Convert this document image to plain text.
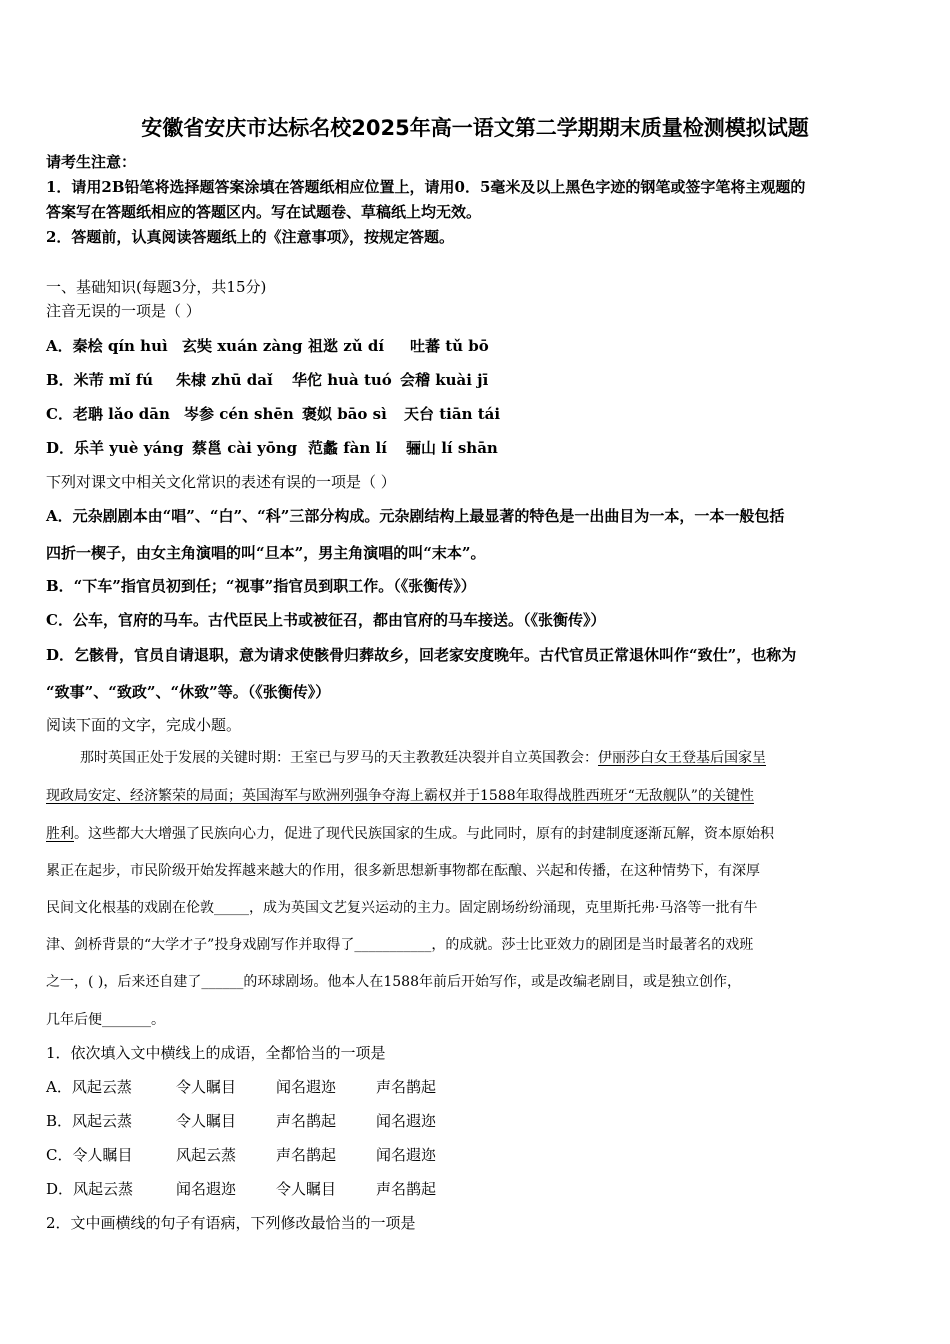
安徽省安庆市达标名校2025年高一语文第二学期期末质量检测模拟试题
请考生注意：
1．请用2B铅笔将选择题答案涂填在答题纸相应位置上，请用0．5毫米及以上黑色字迹的钢笔或签字笔将主观题的
答案写在答题纸相应的答题区内。写在试题卷、草稿纸上均无效。
2．答题前，认真阅读答题纸上的《注意事项》，按规定答题。
一、基础知识(每题3分，共15分)
注音无误的一项是（ ）
A．秦桧 qín huì 玄奘 xuán zàng 祖逖 zǔ dí 吐蕃 tǔ bō
B．米芾 mǐ fú 朱棣 zhū daǐ 华佗 huà tuó 会稽 kuài jī
C．老聃 lǎo dān 岑参 cén shēn 褒姒 bāo sì 天台 tiān tái
D．乐羊 yuè yáng 蔡邕 cài yōng 范蠡 fàn lí 骊山 lí shān
下列对课文中相关文化常识的表述有误的一项是（ ）
A．元杂剧剧本由“唱”、“白”、“科”三部分构成。元杂剧结构上最显著的特色是一出曲目为一本，一本一般包括
四折一楔子，由女主角演唱的叫“旦本”，男主角演唱的叫“末本”。
B．“下车”指官员初到任；“视事”指官员到职工作。（《张衡传》）
C．公车，官府的马车。古代臣民上书或被征召，都由官府的马车接送。（《张衡传》）
D．乞骸骨，官员自请退职，意为请求使骸骨归葬故乡，回老家安度晚年。古代官员正常退休叫作“致仕”，也称为
“致事”、“致政”、“休致”等。（《张衡传》）
阅读下面的文字，完成小题。
那时英国正处于发展的关键时期：王室已与罗马的天主教教廷决裂并自立英国教会：伊丽莎白女王登基后国家呈
现政局安定、经济繁荣的局面；英国海军与欧洲列强争夺海上霸权并于1588年取得战胜西班牙“无敌舰队”的关键性
胜利。这些都大大增强了民族向心力，促进了现代民族国家的生成。与此同时，原有的封建制度逐渐瓦解，资本原始积
累正在起步，市民阶级开始发挥越来越大的作用，很多新思想新事物都在酝酿、兴起和传播，在这种情势下，有深厚
民间文化根基的戏剧在伦敦_____，成为英国文艺复兴运动的主力。固定剧场纷纷涌现，克里斯托弗·马洛等一批有牛
津、剑桥背景的“大学才子”投身戏剧写作并取得了___________，的成就。莎士比亚效力的剧团是当时最著名的戏班
之一，( )，后来还自建了______的环球剧场。他本人在1588年前后开始写作，或是改编老剧目，或是独立创作，
几年后便_______。
1．依次填入文中横线上的成语，全都恰当的一项是
A．风起云蒸	令人瞩目	闻名遐迩	声名鹊起
B．风起云蒸	令人瞩目	声名鹊起	闻名遐迩
C．令人瞩目	风起云蒸	声名鹊起	闻名遐迩
D．风起云蒸	闻名遐迩	令人瞩目	声名鹊起
2．文中画横线的句子有语病，下列修改最恰当的一项是
